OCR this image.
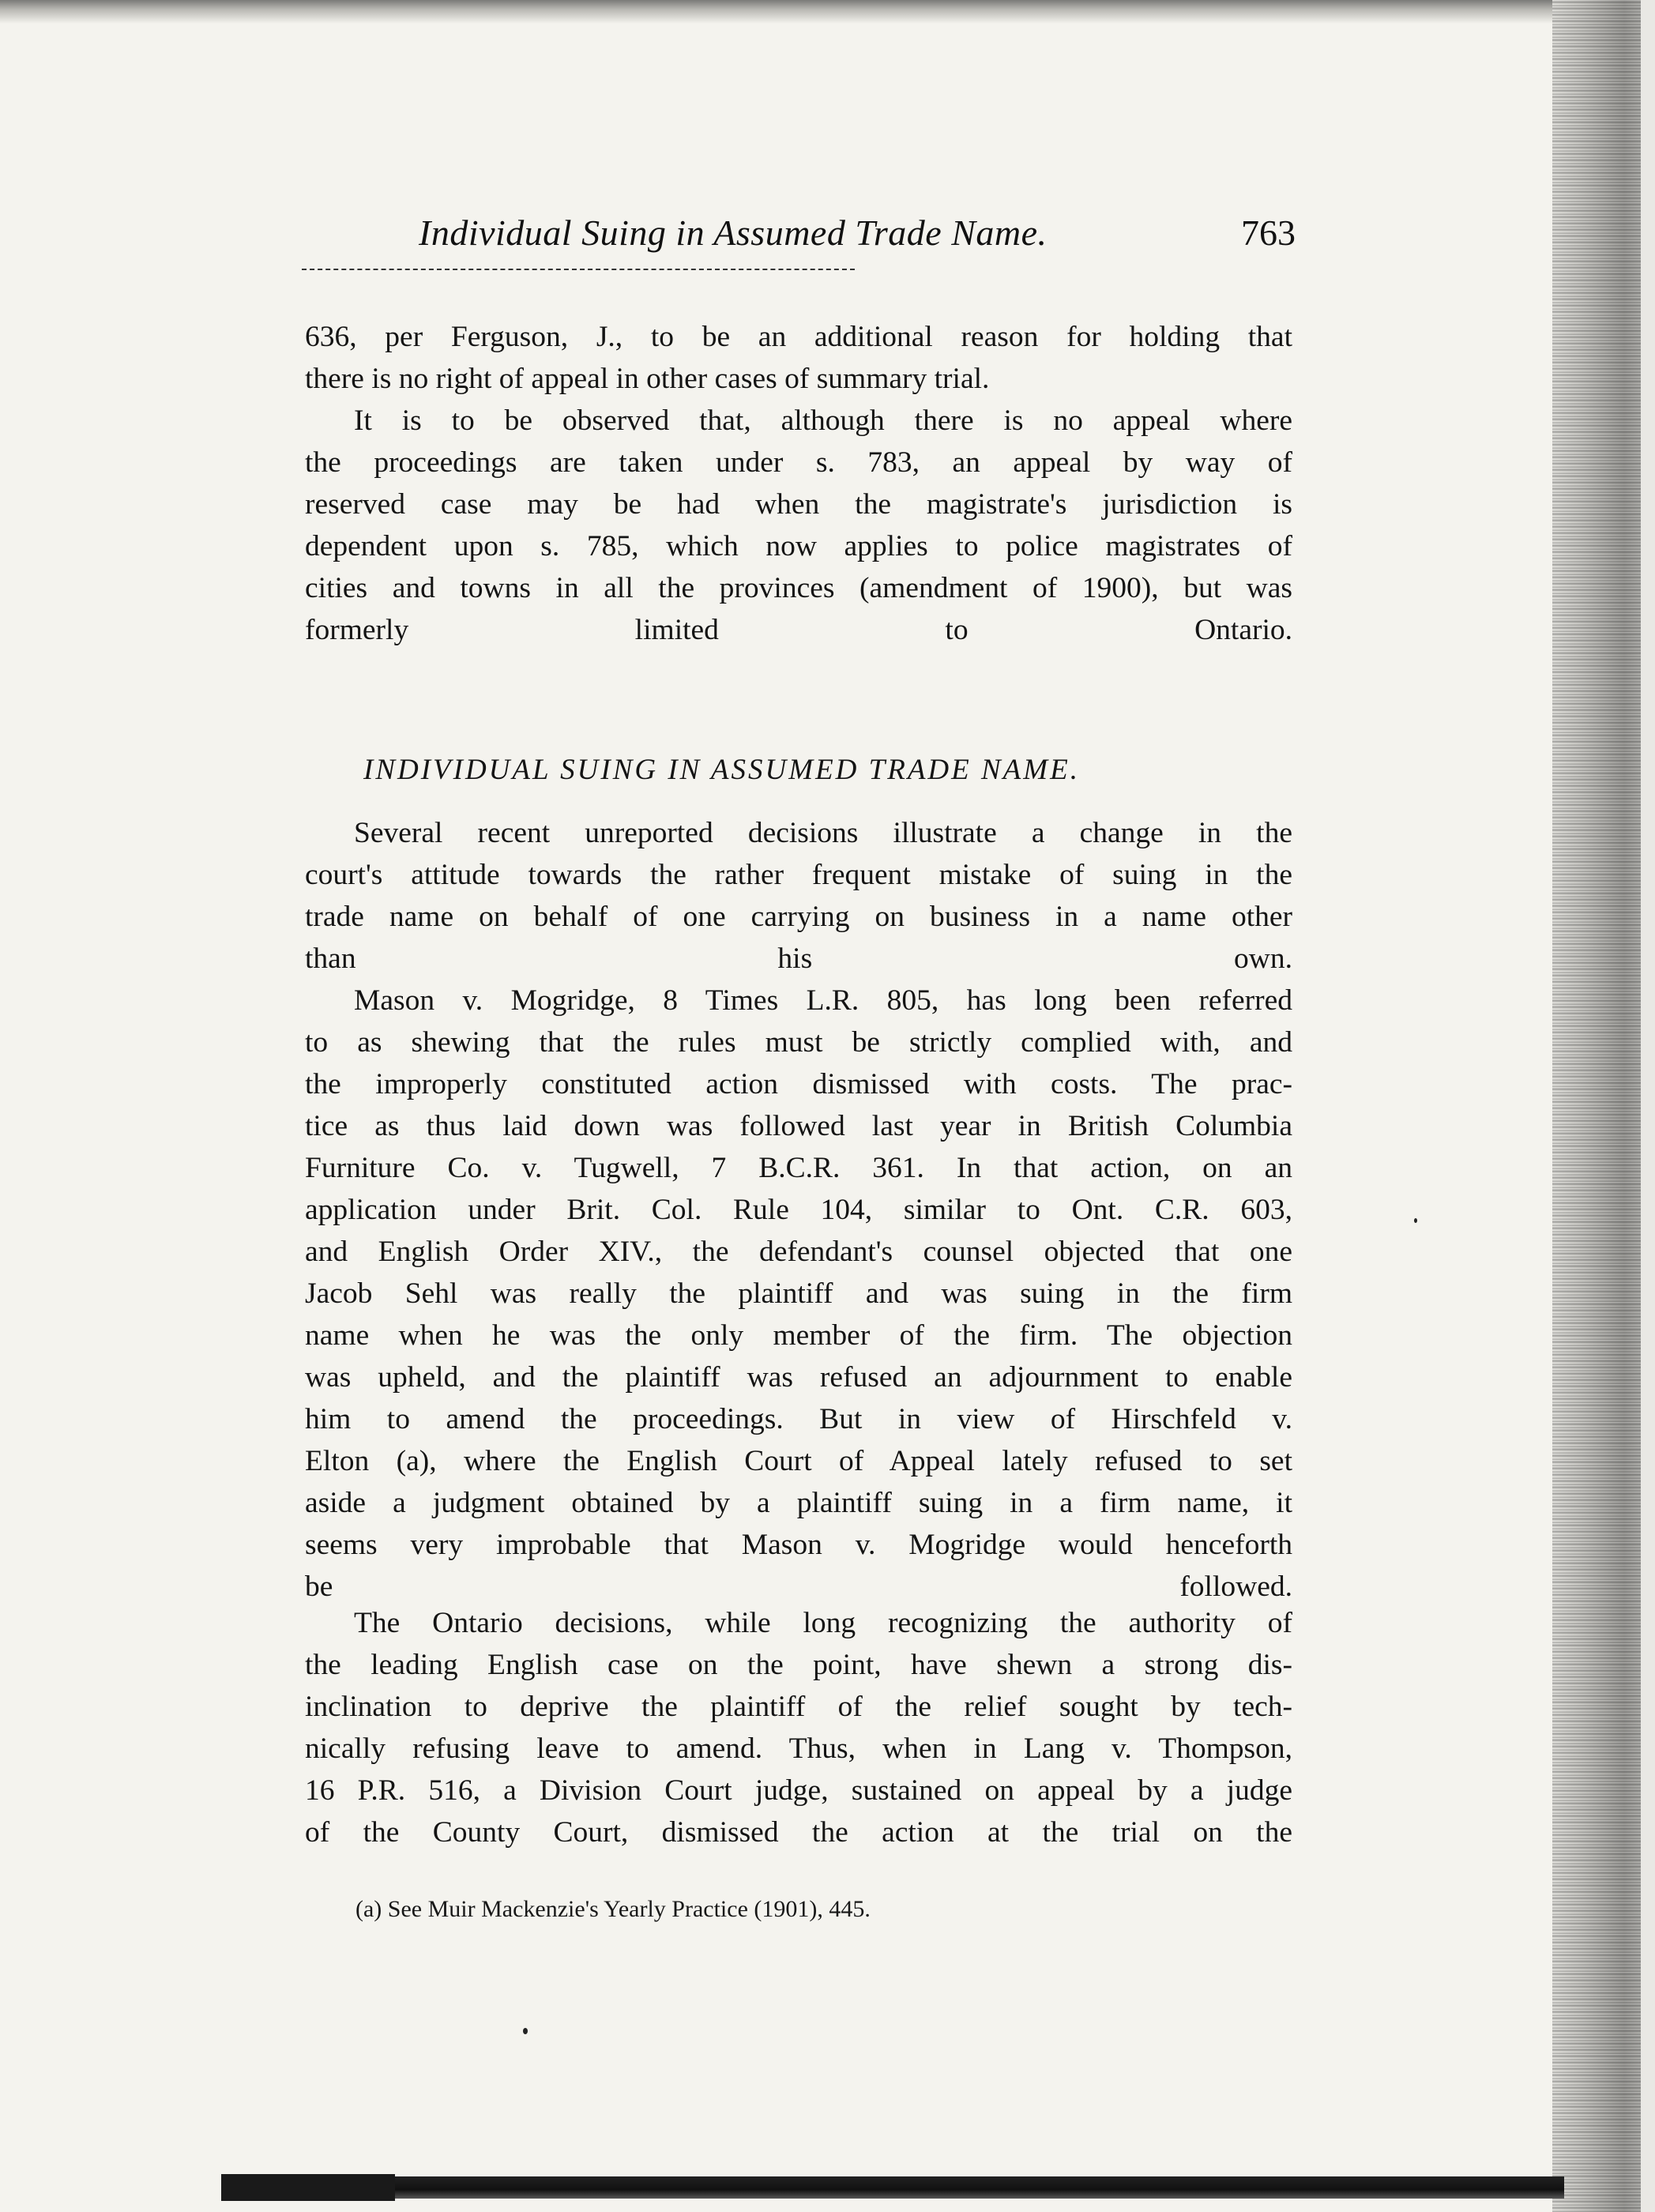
Individual Suing in Assumed Trade Name.	763
636, per Ferguson, J., to be an additional reason for holding that
there is no right of appeal in other cases of summary trial.
It is to be observed that, although there is no appeal where
the proceedings are taken under s. 783, an appeal by way of
reserved case may be had when the magistrate's jurisdiction is
dependent upon s. 785, which now applies to police magistrates of
cities and towns in all the provinces (amendment of 1900), but was
formerly limited to Ontario.
INDIVIDUAL SUING IN ASSUMED TRADE NAME.
Several recent unreported decisions illustrate a change in the
court's attitude towards the rather frequent mistake of suing in the
trade name on behalf of one carrying on business in a name other
than his own.
Mason v. Mogridge, 8 Times L.R. 805, has long been referred
to as shewing that the rules must be strictly complied with, and
the improperly constituted action dismissed with costs. The prac-
tice as thus laid down was followed last year in British Columbia
Furniture Co. v. Tugwell, 7 B.C.R. 361. In that action, on an
application under Brit. Col. Rule 104, similar to Ont. C.R. 603,
and English Order XIV., the defendant's counsel objected that one
Jacob Sehl was really the plaintiff and was suing in the firm
name when he was the only member of the firm. The objection
was upheld, and the plaintiff was refused an adjournment to enable
him to amend the proceedings. But in view of Hirschfeld v.
Elton (a), where the English Court of Appeal lately refused to set
aside a judgment obtained by a plaintiff suing in a firm name, it
seems very improbable that Mason v. Mogridge would henceforth
be followed.
The Ontario decisions, while long recognizing the authority of
the leading English case on the point, have shewn a strong dis-
inclination to deprive the plaintiff of the relief sought by tech-
nically refusing leave to amend. Thus, when in Lang v. Thompson,
16 P.R. 516, a Division Court judge, sustained on appeal by a judge
of the County Court, dismissed the action at the trial on the
(a) See Muir Mackenzie's Yearly Practice (1901), 445.
